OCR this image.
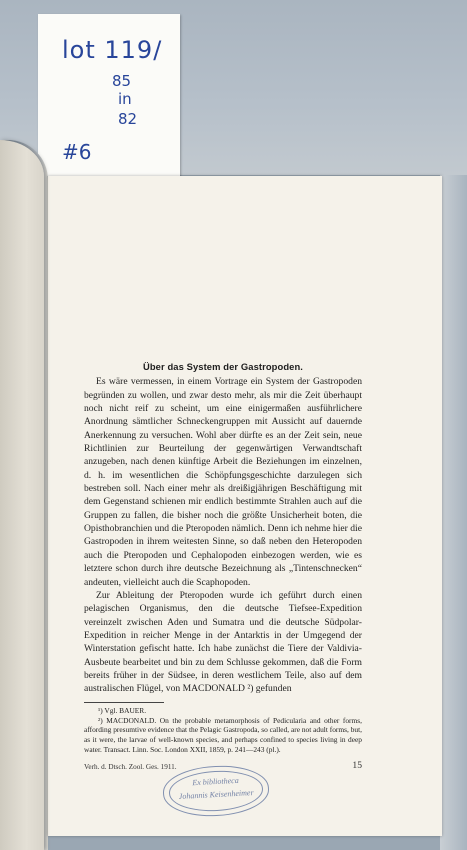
lot 119/
85
in
82
#6
Über das System der Gastropoden.

Es wäre vermessen, in einem Vortrage ein System der Gastropoden begründen zu wollen, und zwar desto mehr, als mir die Zeit überhaupt noch nicht reif zu scheint, um eine einigermaßen ausführlichere Anordnung sämtlicher Schneckengruppen mit Aussicht auf dauernde Anerkennung zu versuchen. Wohl aber dürfte es an der Zeit sein, neue Richtlinien zur Beurteilung der gegenwärtigen Verwandtschaft anzugeben, nach denen künftige Arbeit die Beziehungen im einzelnen, d. h. im wesentlichen die Schöpfungsgeschichte darzulegen sich bestreben soll. Nach einer mehr als dreißigjährigen Beschäftigung mit dem Gegenstand schienen mir endlich bestimmte Strahlen auch auf die Gruppen zu fallen, die bisher noch die größte Unsicherheit boten, die Opisthobranchien und die Pteropoden nämlich. Denn ich nehme hier die Gastropoden in ihrem weitesten Sinne, so daß neben den Heteropoden auch die Pteropoden und Cephalopoden einbezogen werden, wie es letztere schon durch ihre deutsche Bezeichnung als „Tintenschnecken“ andeuten, vielleicht auch die Scaphopoden.

Zur Ableitung der Pteropoden wurde ich geführt durch einen pelagischen Organismus, den die deutsche Tiefsee-Expedition vereinzelt zwischen Aden und Sumatra und die deutsche Südpolar-Expedition in reicher Menge in der Antarktis in der Umgegend der Winterstation gefischt hatte. Ich habe zunächst die Tiere der Valdivia-Ausbeute bearbeitet und bin zu dem Schlusse gekommen, daß die Form bereits früher in der Südsee, in deren westlichem Teile, also auf dem australischen Flügel, von MACDONALD ²) gefunden

¹) Vgl. BAUER.

²) MACDONALD. On the probable metamorphosis of Pedicularia and other forms, affording presumtive evidence that the Pelagic Gastropoda, so called, are not adult forms, but, as it were, the larvae of well-known species, and perhaps confined to species living in deep water. Transact. Linn. Soc. London XXII, 1859, p. 241—243 (pl.).

Verh. d. Dtsch. Zool. Ges. 1911.	15
Ex bibliotheca
Johannis Keisenheimer
